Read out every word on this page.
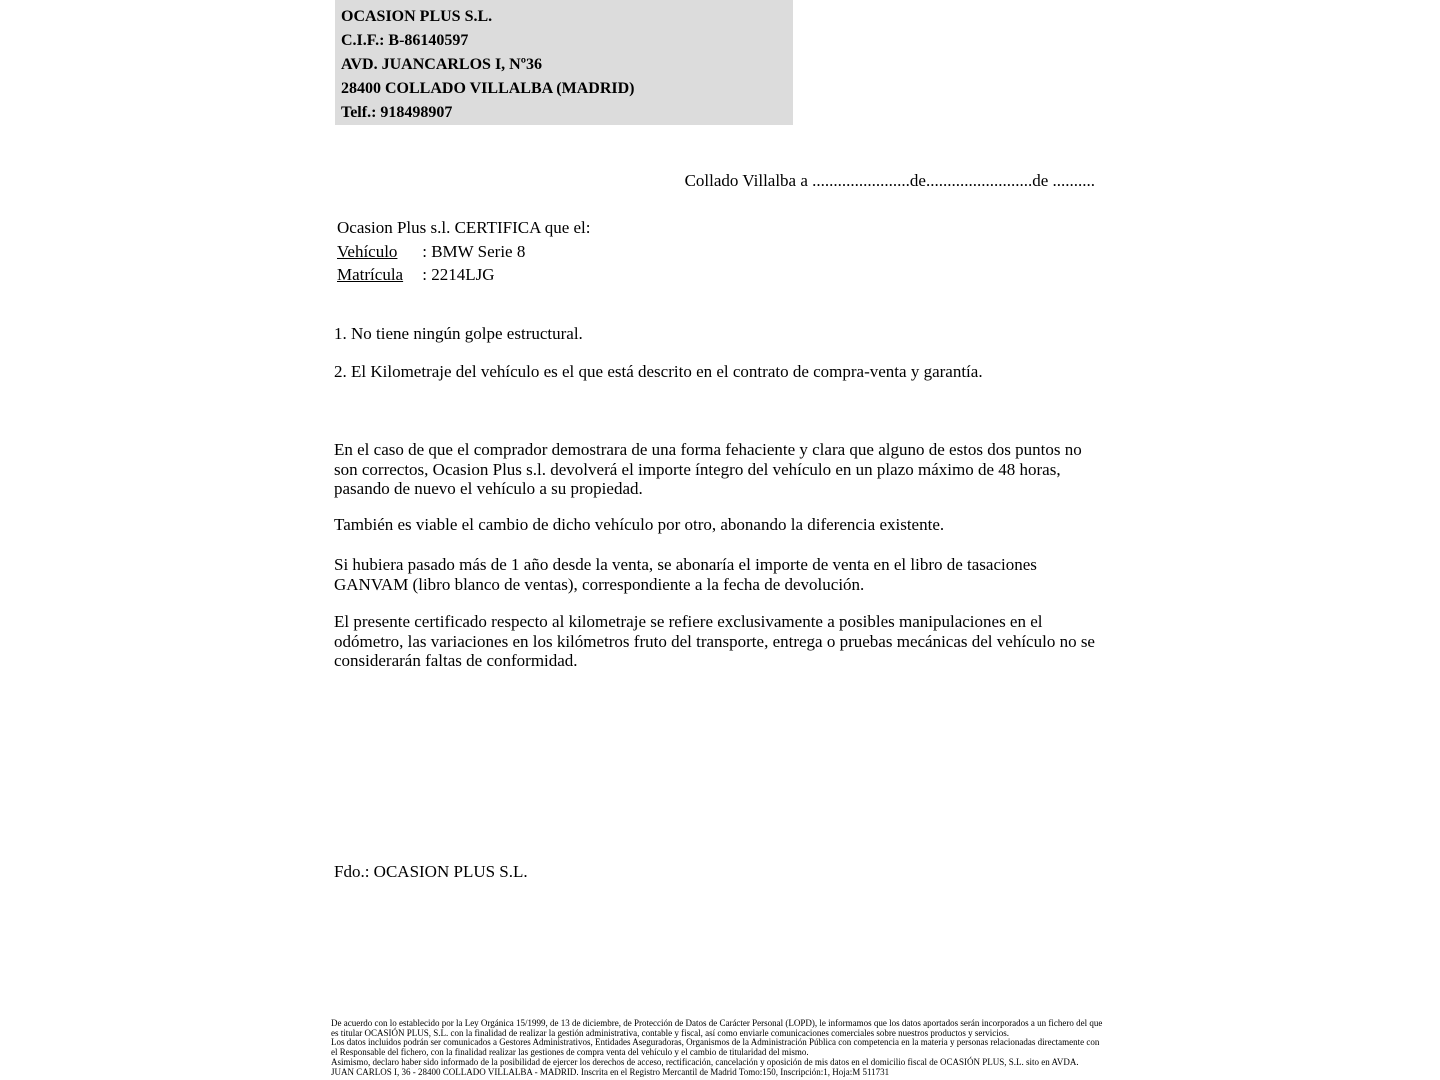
OCASION PLUS S.L.
C.I.F.: B-86140597
AVD. JUANCARLOS I, Nº36
28400 COLLADO VILLALBA (MADRID)
Telf.: 918498907
Collado Villalba a .......................de.........................de ..........
Ocasion Plus s.l. CERTIFICA que el:
Vehículo : BMW Serie 8
Matrícula : 2214LJG
1. No tiene ningún golpe estructural.
2. El Kilometraje del vehículo es el que está descrito en el contrato de compra-venta y garantía.
En el caso de que el comprador demostrara de una forma fehaciente y clara que alguno de estos dos puntos no son correctos, Ocasion Plus s.l. devolverá el importe íntegro del vehículo en un plazo máximo de 48 horas, pasando de nuevo el vehículo a su propiedad.
También es viable el cambio de dicho vehículo por otro, abonando la diferencia existente.
Si hubiera pasado más de 1 año desde la venta, se abonaría el importe de venta en el libro de tasaciones GANVAM (libro blanco de ventas), correspondiente a la fecha de devolución.
El presente certificado respecto al kilometraje se refiere exclusivamente a posibles manipulaciones en el odómetro, las variaciones en los kilómetros fruto del transporte, entrega o pruebas mecánicas del vehículo no se considerarán faltas de conformidad.
Fdo.: OCASION PLUS S.L.
De acuerdo con lo establecido por la Ley Orgánica 15/1999, de 13 de diciembre, de Protección de Datos de Carácter Personal (LOPD), le informamos que los datos aportados serán incorporados a un fichero del que es titular OCASIÓN PLUS, S.L. con la finalidad de realizar la gestión administrativa, contable y fiscal, así como enviarle comunicaciones comerciales sobre nuestros productos y servicios.
Los datos incluidos podrán ser comunicados a Gestores Administrativos, Entidades Aseguradoras, Organismos de la Administración Pública con competencia en la materia y personas relacionadas directamente con el Responsable del fichero, con la finalidad realizar las gestiones de compra venta del vehículo y el cambio de titularidad del mismo.
Asimismo, declaro haber sido informado de la posibilidad de ejercer los derechos de acceso, rectificación, cancelación y oposición de mis datos en el domicilio fiscal de OCASIÓN PLUS, S.L. sito en AVDA. JUAN CARLOS I, 36 - 28400 COLLADO VILLALBA - MADRID. Inscrita en el Registro Mercantil de Madrid Tomo:150, Inscripción:1, Hoja:M 511731
